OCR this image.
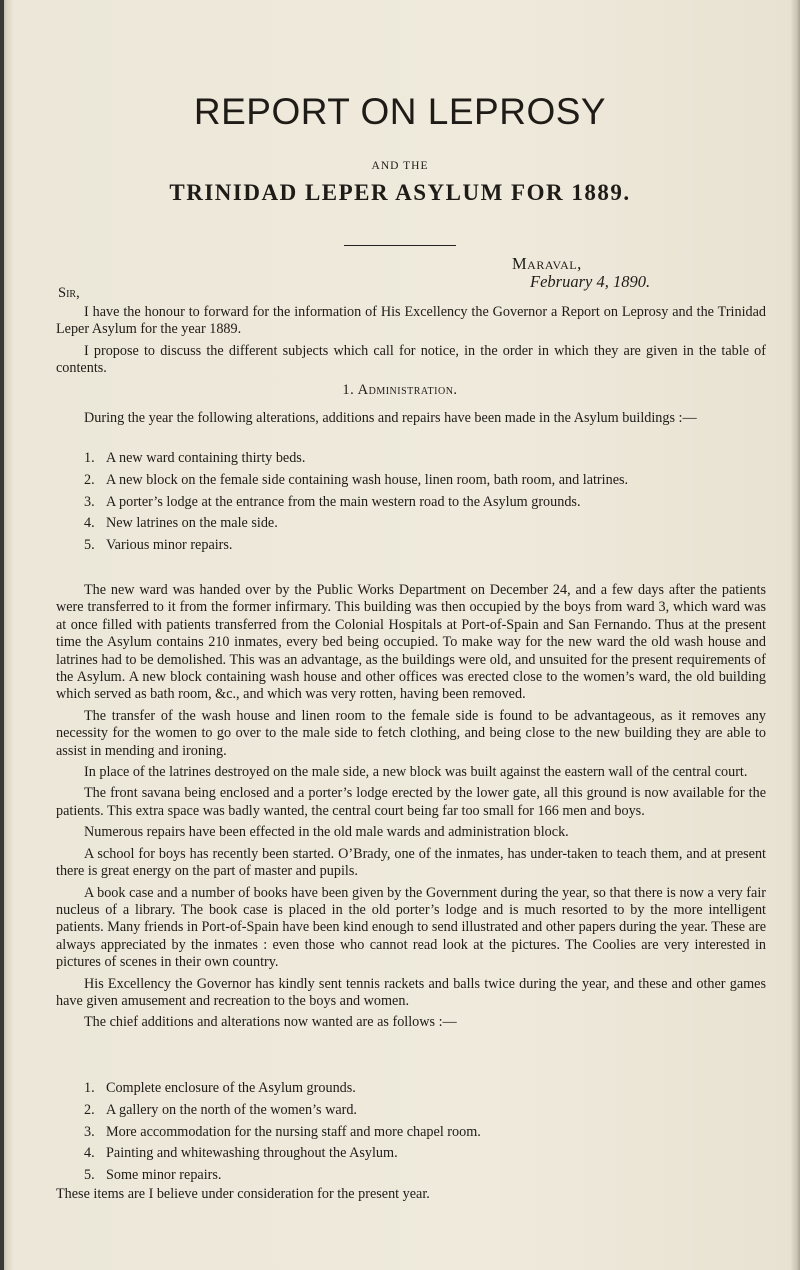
REPORT ON LEPROSY
AND THE
TRINIDAD LEPER ASYLUM FOR 1889.
Maraval,
February 4, 1890.
Sir,

I have the honour to forward for the information of His Excellency the Governor a Report on Leprosy and the Trinidad Leper Asylum for the year 1889.

I propose to discuss the different subjects which call for notice, in the order in which they are given in the table of contents.

1. Administration.

During the year the following alterations, additions and repairs have been made in the Asylum buildings :—

1. A new ward containing thirty beds.
2. A new block on the female side containing wash house, linen room, bath room, and latrines.
3. A porter’s lodge at the entrance from the main western road to the Asylum grounds.
4. New latrines on the male side.
5. Various minor repairs.

The new ward was handed over by the Public Works Department on December 24, and a few days after the patients were transferred to it from the former infirmary. This building was then occupied by the boys from ward 3, which ward was at once filled with patients transferred from the Colonial Hospitals at Port-of-Spain and San Fernando. Thus at the present time the Asylum contains 210 inmates, every bed being occupied. To make way for the new ward the old wash house and latrines had to be demolished. This was an advantage, as the buildings were old, and unsuited for the present requirements of the Asylum. A new block containing wash house and other offices was erected close to the women’s ward, the old building which served as bath room, &c., and which was very rotten, having been removed.

The transfer of the wash house and linen room to the female side is found to be advantageous, as it removes any necessity for the women to go over to the male side to fetch clothing, and being close to the new building they are able to assist in mending and ironing.

In place of the latrines destroyed on the male side, a new block was built against the eastern wall of the central court.

The front savana being enclosed and a porter’s lodge erected by the lower gate, all this ground is now available for the patients. This extra space was badly wanted, the central court being far too small for 166 men and boys.

Numerous repairs have been effected in the old male wards and administration block.

A school for boys has recently been started. O’Brady, one of the inmates, has under-taken to teach them, and at present there is great energy on the part of master and pupils.

A book case and a number of books have been given by the Government during the year, so that there is now a very fair nucleus of a library. The book case is placed in the old porter’s lodge and is much resorted to by the more intelligent patients. Many friends in Port-of-Spain have been kind enough to send illustrated and other papers during the year. These are always appreciated by the inmates : even those who cannot read look at the pictures. The Coolies are very interested in pictures of scenes in their own country.

His Excellency the Governor has kindly sent tennis rackets and balls twice during the year, and these and other games have given amusement and recreation to the boys and women.

The chief additions and alterations now wanted are as follows :—

1. Complete enclosure of the Asylum grounds.
2. A gallery on the north of the women’s ward.
3. More accommodation for the nursing staff and more chapel room.
4. Painting and whitewashing throughout the Asylum.
5. Some minor repairs.

These items are I believe under consideration for the present year.
